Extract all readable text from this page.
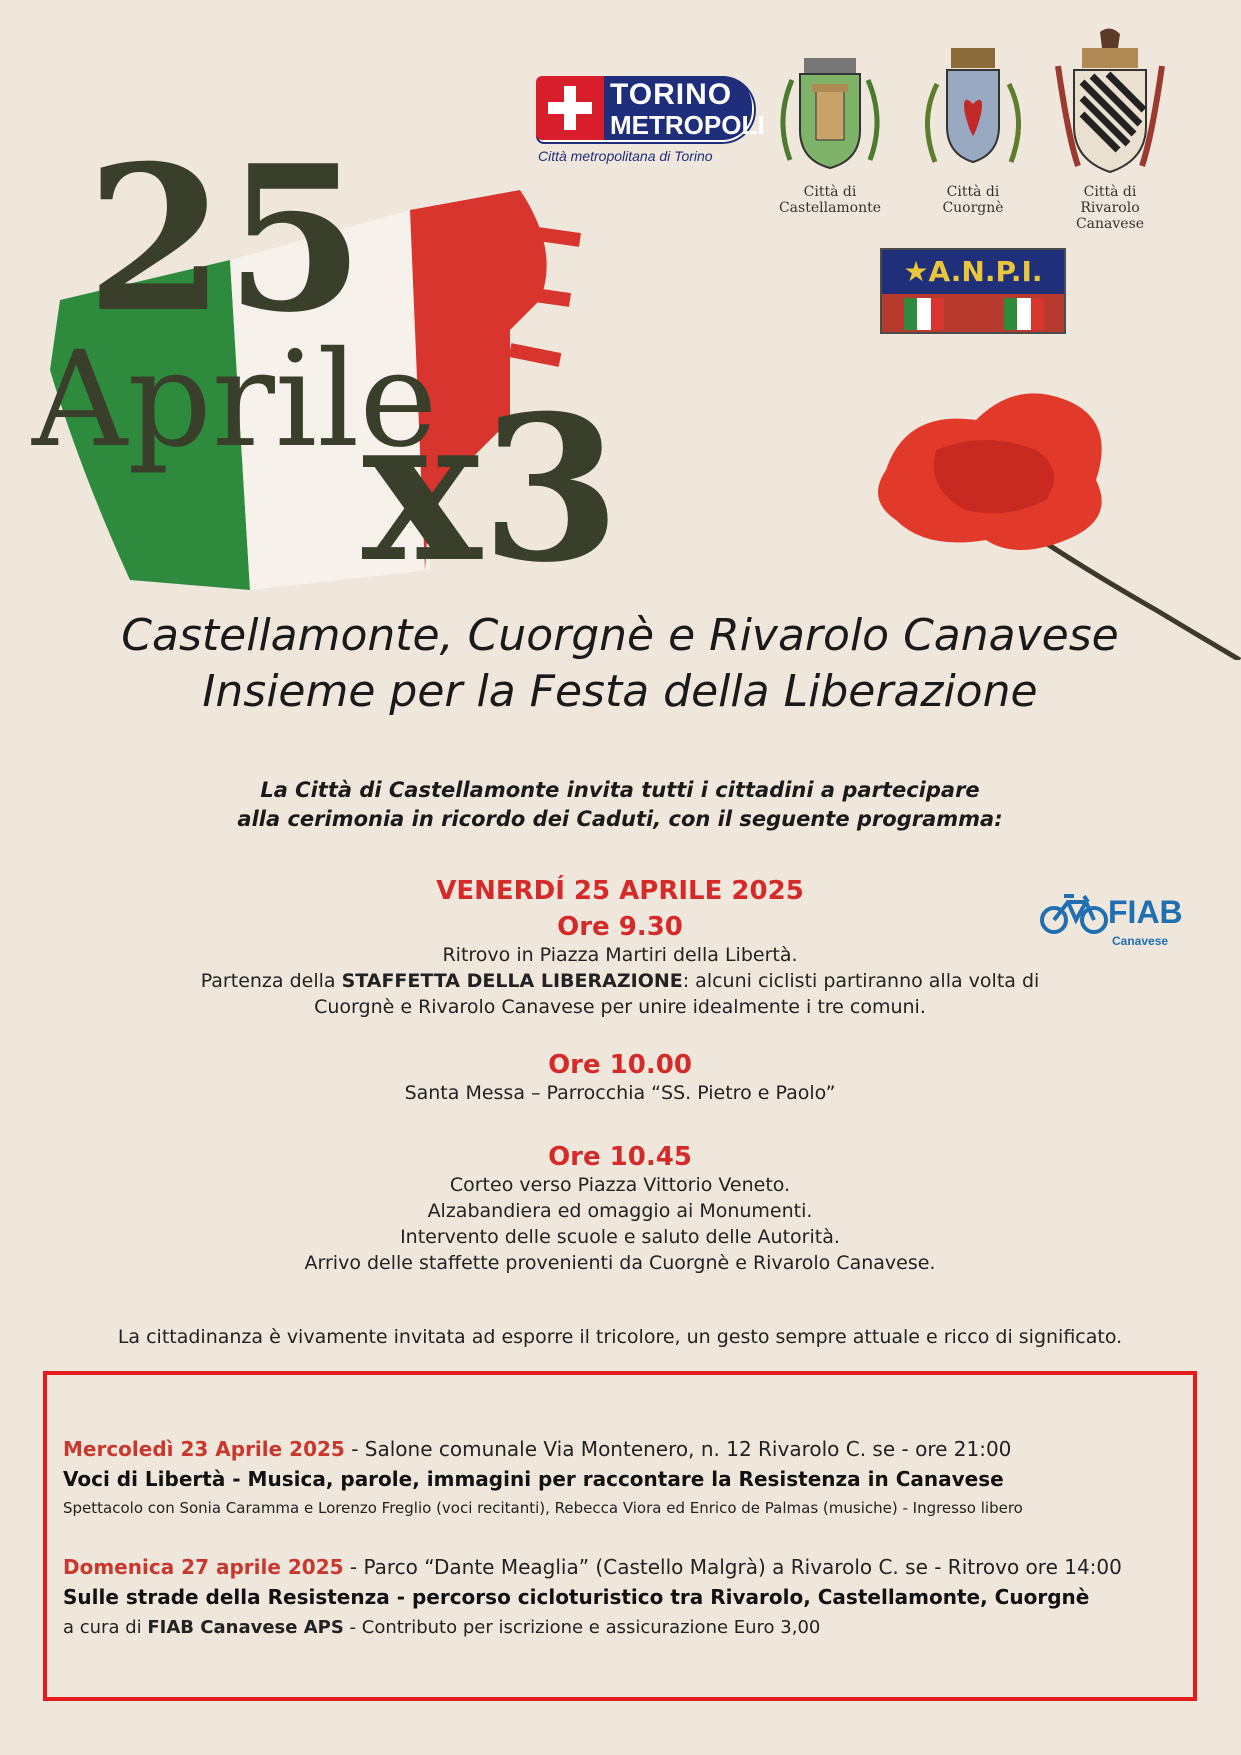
TORINO
METROPOLI
Città metropolitana di Torino
Città di
Castellamonte
Città di
Cuorgnè
Città di
Rivarolo Canavese
★A.N.P.I.
25
Aprile
x3
Castellamonte, Cuorgnè e Rivarolo Canavese
Insieme per la Festa della Liberazione
La Città di Castellamonte invita tutti i cittadini a partecipare
alla cerimonia in ricordo dei Caduti, con il seguente programma:
FIAB
Canavese
VENERDÍ 25 APRILE 2025
Ore 9.30
Ritrovo in Piazza Martiri della Libertà.
Partenza della STAFFETTA DELLA LIBERAZIONE: alcuni ciclisti partiranno alla volta di
Cuorgnè e Rivarolo Canavese per unire idealmente i tre comuni.
Ore 10.00
Santa Messa – Parrocchia “SS. Pietro e Paolo”
Ore 10.45
Corteo verso Piazza Vittorio Veneto.
Alzabandiera ed omaggio ai Monumenti.
Intervento delle scuole e saluto delle Autorità.
Arrivo delle staffette provenienti da Cuorgnè e Rivarolo Canavese.
La cittadinanza è vivamente invitata ad esporre il tricolore, un gesto sempre attuale e ricco di significato.
Mercoledì 23 Aprile 2025 - Salone comunale Via Montenero, n. 12 Rivarolo C. se - ore 21:00
Voci di Libertà - Musica, parole, immagini per raccontare la Resistenza in Canavese
Spettacolo con Sonia Caramma e Lorenzo Freglio (voci recitanti), Rebecca Viora ed Enrico de Palmas (musiche) - Ingresso libero
Domenica 27 aprile 2025 - Parco “Dante Meaglia” (Castello Malgrà) a Rivarolo C. se - Ritrovo ore 14:00
Sulle strade della Resistenza - percorso cicloturistico tra Rivarolo, Castellamonte, Cuorgnè
a cura di FIAB Canavese APS - Contributo per iscrizione e assicurazione Euro 3,00
